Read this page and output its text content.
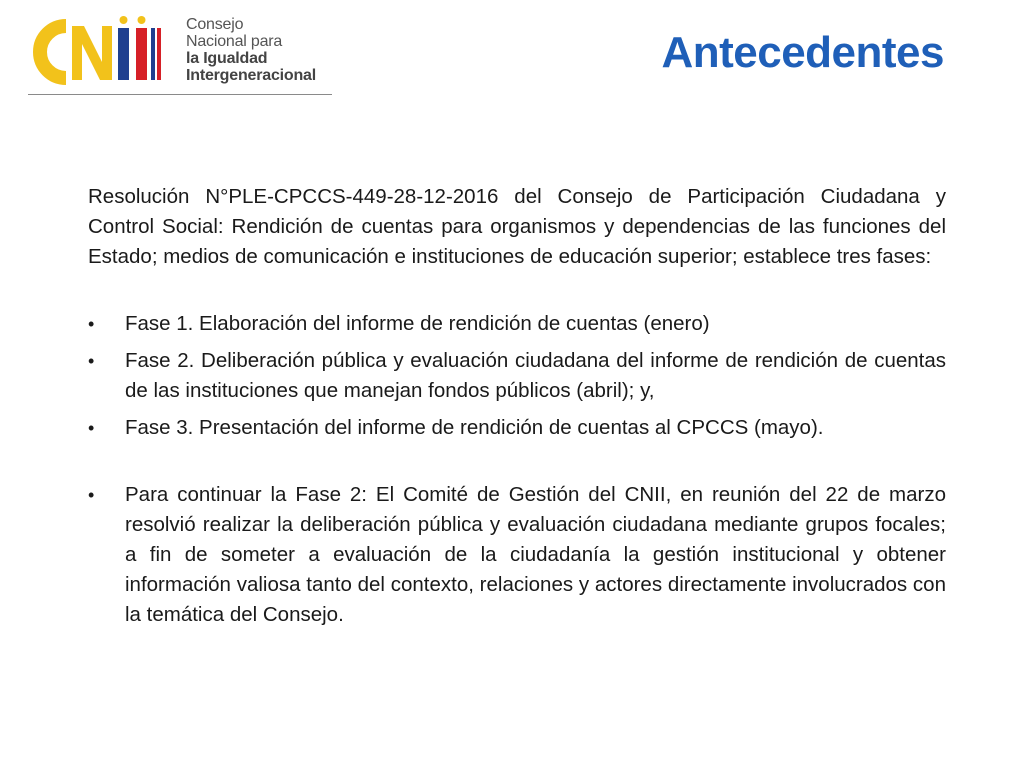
Consejo
Nacional para
la Igualdad
Intergeneracional	Antecedentes

Resolución N°PLE-CPCCS-449-28-12-2016 del Consejo de Participación Ciudadana y Control Social: Rendición de cuentas para organismos y dependencias de las funciones del Estado; medios de comunicación e instituciones de educación superior; establece tres fases:

• Fase 1. Elaboración del informe de rendición de cuentas (enero)
• Fase 2. Deliberación pública y evaluación ciudadana del informe de rendición de cuentas de las instituciones que manejan fondos públicos (abril); y,
• Fase 3. Presentación del informe de rendición de cuentas al CPCCS (mayo).
• Para continuar la Fase 2: El Comité de Gestión del CNII, en reunión del 22 de marzo resolvió realizar la deliberación pública y evaluación ciudadana mediante grupos focales; a fin de someter a evaluación de la ciudadanía la gestión institucional y obtener información valiosa tanto del contexto, relaciones y actores directamente involucrados con la temática del Consejo.
